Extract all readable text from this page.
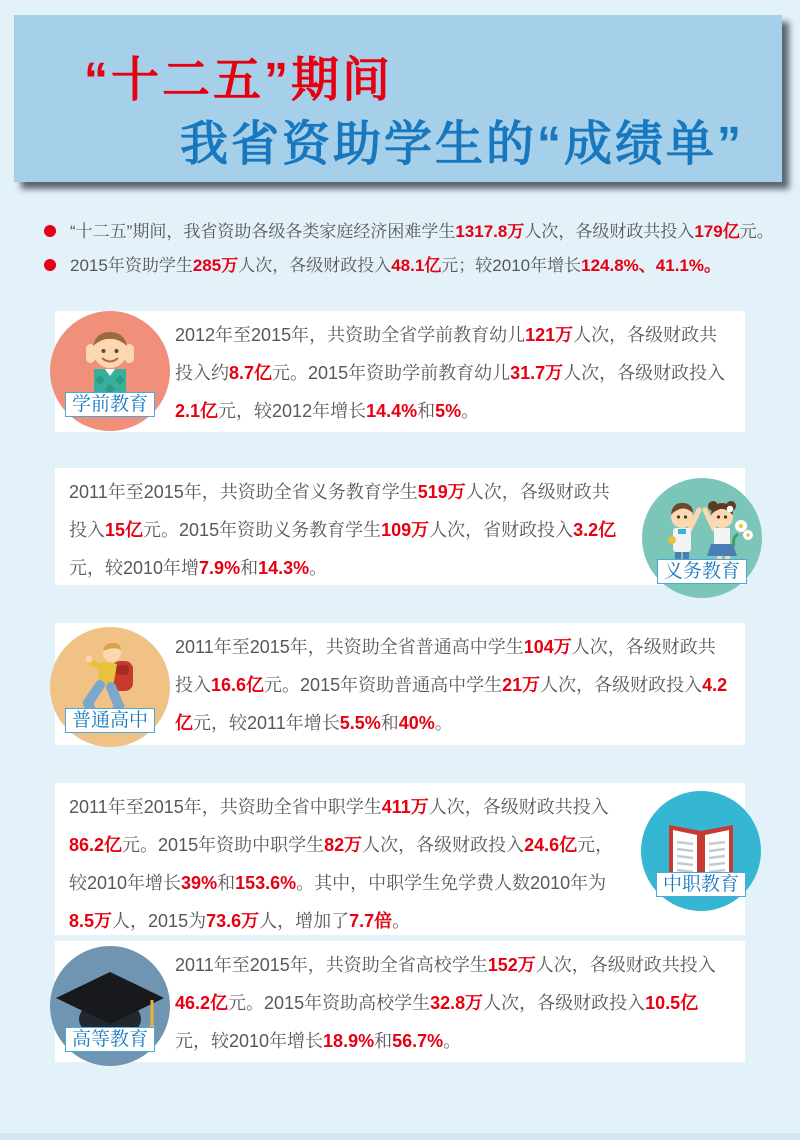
“十二五”期间
我省资助学生的“成绩单”
“十二五”期间，我省资助各级各类家庭经济困难学生1317.8万人次，各级财政共投入179亿元。
2015年资助学生285万人次，各级财政投入48.1亿元；较2010年增长124.8%、41.1%。

2012年至2015年，共资助全省学前教育幼儿121万人次，各级财政共投入约8.7亿元。2015年资助学前教育幼儿31.7万人次，各级财政投入2.1亿元，较2012年增长14.4%和5%。

2011年至2015年，共资助全省义务教育学生519万人次，各级财政共投入15亿元。2015年资助义务教育学生109万人次，省财政投入3.2亿元，较2010年增7.9%和14.3%。

2011年至2015年，共资助全省普通高中学生104万人次，各级财政共投入16.6亿元。2015年资助普通高中学生21万人次，各级财政投入4.2亿元，较2011年增长5.5%和40%。

2011年至2015年，共资助全省中职学生411万人次，各级财政共投入86.2亿元。2015年资助中职学生82万人次，各级财政投入24.6亿元，较2010年增长39%和153.6%。其中，中职学生免学费人数2010年为8.5万人，2015为73.6万人，增加了7.7倍。

2011年至2015年，共资助全省高校学生152万人次，各级财政共投入46.2亿元。2015年资助高校学生32.8万人次，各级财政投入10.5亿元，较2010年增长18.9%和56.7%。

学前教育
义务教育
普通高中
中职教育
高等教育
